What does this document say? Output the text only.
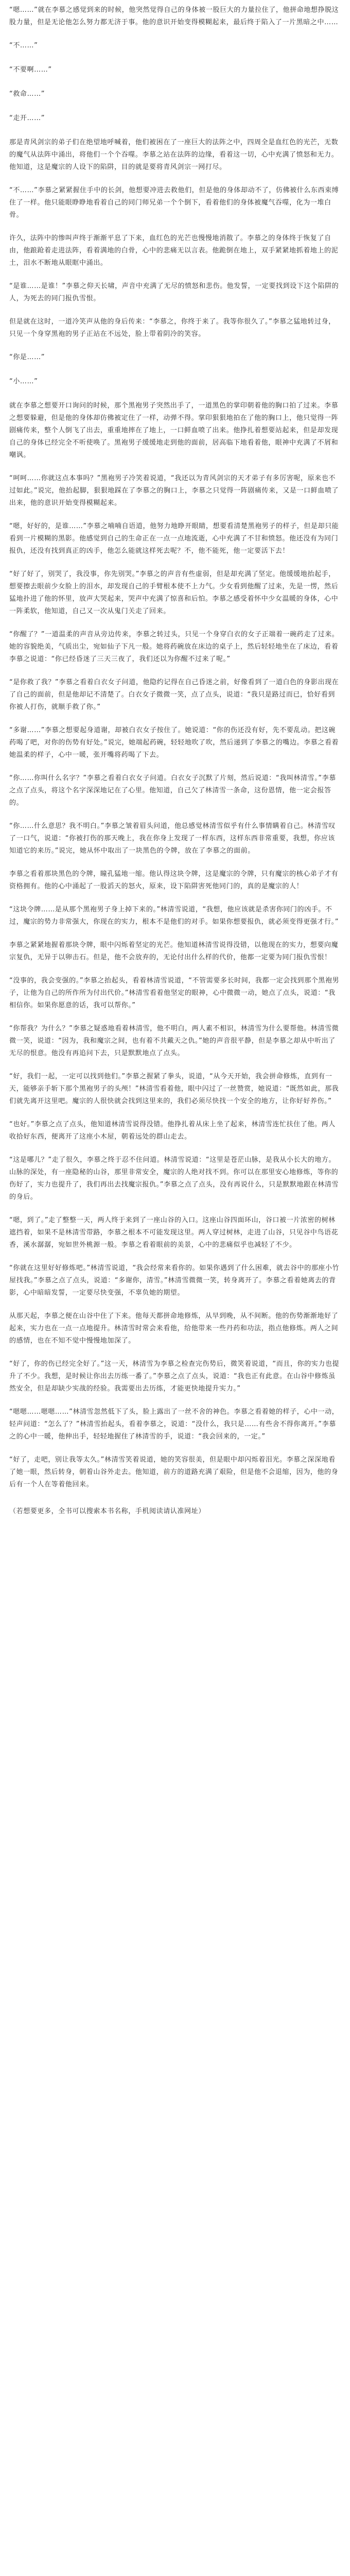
“嗯……”就在李慕之感觉到来的时候，他突然觉得自己的身体被一股巨大的力量拉住了，他拼命地想挣脱这股力量，但是无论他怎么努力都无济于事。他的意识开始变得模糊起来，最后终于陷入了一片黑暗之中……

“不……”

“不要啊……”

“救命……”

“走开……”

那是青风剑宗的弟子们在绝望地呼喊着，他们被困在了一座巨大的法阵之中，四周全是血红色的光芒，无数的魔气从法阵中涌出，将他们一个个吞噬。李慕之站在法阵的边缘，看着这一切，心中充满了愤怒和无力。他知道，这是魔宗的人设下的陷阱，目的就是要将青风剑宗一网打尽。

“不……”李慕之紧紧握住手中的长剑，他想要冲进去救他们，但是他的身体却动不了，仿佛被什么东西束缚住了一样。他只能眼睁睁地看着自己的同门师兄弟一个个倒下，看着他们的身体被魔气吞噬，化为一堆白骨。

许久，法阵中的惨叫声终于渐渐平息了下来，血红色的光芒也慢慢地消散了。李慕之的身体终于恢复了自由，他踉跄着走进法阵，看着满地的白骨，心中的悲痛无以言表。他跪倒在地上，双手紧紧地抓着地上的泥土，泪水不断地从眼眶中涌出。

“是谁……是谁！”李慕之仰天长啸，声音中充满了无尽的愤怒和悲伤。他发誓，一定要找到设下这个陷阱的人，为死去的同门报仇雪恨。

但是就在这时，一道冷笑声从他的身后传来：“李慕之，你终于来了。我等你很久了。”李慕之猛地转过身，只见一个身穿黑袍的男子正站在不远处，脸上带着阴冷的笑容。

“你是……”

“小……”

就在李慕之想要开口询问的时候，那个黑袍男子突然出手了，一道黑色的掌印朝着他的胸口拍了过来。李慕之想要躲避，但是他的身体却仿佛被定住了一样，动弹不得。掌印狠狠地拍在了他的胸口上，他只觉得一阵剧痛传来，整个人倒飞了出去，重重地摔在了地上，一口鲜血喷了出来。他挣扎着想要站起来，但是却发现自己的身体已经完全不听使唤了。黑袍男子缓缓地走到他的面前，居高临下地看着他，眼神中充满了不屑和嘲讽。

“呵呵……你就这点本事吗？”黑袍男子冷笑着说道，“我还以为青风剑宗的天才弟子有多厉害呢，原来也不过如此。”说完，他抬起脚，狠狠地踩在了李慕之的胸口上，李慕之只觉得一阵剧痛传来，又是一口鲜血喷了出来，他的意识开始变得模糊起来。

“嗯，好好的，是谁……”李慕之喃喃自语道，他努力地睁开眼睛，想要看清楚黑袍男子的样子，但是却只能看到一片模糊的黑影。他感觉到自己的生命正在一点一点地流逝，心中充满了不甘和愤怒。他还没有为同门报仇，还没有找到真正的凶手，他怎么能就这样死去呢？不，他不能死，他一定要活下去！

“好了好了，别哭了，我没事，你先别哭。”李慕之的声音有些虚弱，但是却充满了坚定。他缓缓地抬起手，想要擦去眼前少女脸上的泪水，却发现自己的手臂根本使不上力气。少女看到他醒了过来，先是一愣，然后猛地扑进了他的怀里，放声大哭起来，哭声中充满了惊喜和后怕。李慕之感受着怀中少女温暖的身体，心中一阵柔软，他知道，自己又一次从鬼门关走了回来。

“你醒了？”一道温柔的声音从旁边传来，李慕之转过头，只见一个身穿白衣的女子正端着一碗药走了过来。她的容貌绝美，气质出尘，宛如仙子下凡一般。她将药碗放在床边的桌子上，然后轻轻地坐在了床边，看着李慕之说道：“你已经昏迷了三天三夜了，我们还以为你醒不过来了呢。”

“是你救了我？”李慕之看着白衣女子问道，他隐约记得在自己昏迷之前，好像看到了一道白色的身影出现在了自己的面前，但是他却记不清楚了。白衣女子微微一笑，点了点头，说道：“我只是路过而已，恰好看到你被人打伤，就顺手救了你。”

“多谢……”李慕之想要起身道谢，却被白衣女子按住了。她说道：“你的伤还没有好，先不要乱动。把这碗药喝了吧，对你的伤势有好处。”说完，她端起药碗，轻轻地吹了吹，然后递到了李慕之的嘴边。李慕之看着她温柔的样子，心中一暖，张开嘴将药喝了下去。

“你……你叫什么名字？”李慕之看着白衣女子问道。白衣女子沉默了片刻，然后说道：“我叫林清雪。”李慕之点了点头，将这个名字深深地记在了心里。他知道，自己欠了林清雪一条命，这份恩情，他一定会报答的。

“你……什么意思？我不明白。”李慕之皱着眉头问道，他总感觉林清雪似乎有什么事情瞒着自己。林清雪叹了一口气，说道：“你被打伤的那天晚上，我在你身上发现了一样东西，这样东西非常重要，我想，你应该知道它的来历。”说完，她从怀中取出了一块黑色的令牌，放在了李慕之的面前。

李慕之看着那块黑色的令牌，瞳孔猛地一缩。他认得这块令牌，这是魔宗的令牌，只有魔宗的核心弟子才有资格拥有。他的心中涌起了一股滔天的怒火，原来，设下陷阱害死他同门的，真的是魔宗的人！

“这块令牌……是从那个黑袍男子身上掉下来的。”林清雪说道，“我想，他应该就是杀害你同门的凶手。不过，魔宗的势力非常强大，你现在的实力，根本不是他们的对手。如果你想要报仇，就必须变得更强才行。”

李慕之紧紧地握着那块令牌，眼中闪烁着坚定的光芒。他知道林清雪说得没错，以他现在的实力，想要向魔宗复仇，无异于以卵击石。但是，他不会放弃的，无论付出什么样的代价，他都一定要为同门报仇雪恨！

“没事的，我会变强的。”李慕之抬起头，看着林清雪说道，“不管需要多长时间，我都一定会找到那个黑袍男子，让他为自己的所作所为付出代价。”林清雪看着他坚定的眼神，心中微微一动，她点了点头，说道：“我相信你。如果你愿意的话，我可以帮你。”

“你帮我？为什么？”李慕之疑惑地看着林清雪，他不明白，两人素不相识，林清雪为什么要帮他。林清雪微微一笑，说道：“因为，我和魔宗之间，也有着不共戴天之仇。”她的声音很平静，但是李慕之却从中听出了无尽的恨意。他没有再追问下去，只是默默地点了点头。

“好，我们一起，一定可以找到他们。”李慕之握紧了拳头，说道，“从今天开始，我会拼命修炼，直到有一天，能够亲手斩下那个黑袍男子的头颅！”林清雪看着他，眼中闪过了一丝赞赏，她说道：“既然如此，那我们就先离开这里吧。魔宗的人很快就会找到这里来的，我们必须尽快找一个安全的地方，让你好好养伤。”

“也好。”李慕之点了点头，他知道林清雪说得没错。他挣扎着从床上坐了起来，林清雪连忙扶住了他。两人收拾好东西，便离开了这座小木屋，朝着远处的群山走去。

“这是哪儿？”走了很久，李慕之终于忍不住问道。林清雪说道：“这里是苍茫山脉，是我从小长大的地方。山脉的深处，有一座隐秘的山谷，那里非常安全，魔宗的人绝对找不到。你可以在那里安心地修炼，等你的伤好了，实力也提升了，我们再出去找魔宗报仇。”李慕之点了点头，没有再说什么，只是默默地跟在林清雪的身后。

“嗯，到了。”走了整整一天，两人终于来到了一座山谷的入口。这座山谷四面环山，谷口被一片浓密的树林遮挡着，如果不是林清雪带路，李慕之根本不可能发现这里。两人穿过树林，走进了山谷，只见谷中鸟语花香，溪水潺潺，宛如世外桃源一般。李慕之看着眼前的美景，心中的悲痛似乎也减轻了不少。

“你就在这里好好修炼吧。”林清雪说道，“我会经常来看你的。如果你遇到了什么困难，就去谷中的那座小竹屋找我。”李慕之点了点头，说道：“多谢你，清雪。”林清雪微微一笑，转身离开了。李慕之看着她离去的背影，心中暗暗发誓，一定要尽快变强，不辜负她的期望。

从那天起，李慕之便在山谷中住了下来。他每天都拼命地修炼，从早到晚，从不间断。他的伤势渐渐地好了起来，实力也在一点一点地提升。林清雪时常会来看他，给他带来一些丹药和功法，指点他修炼。两人之间的感情，也在不知不觉中慢慢地加深了。

“好了，你的伤已经完全好了。”这一天，林清雪为李慕之检查完伤势后，微笑着说道，“而且，你的实力也提升了不少。我想，是时候让你出去历练一番了。”李慕之点了点头，说道：“我也正有此意。在山谷中修炼虽然安全，但是却缺少实战的经验。我需要出去历练，才能更快地提升实力。”

“嗯嗯……嗯嗯……”林清雪忽然低下了头，脸上露出了一丝不舍的神色。李慕之看着她的样子，心中一动，轻声问道：“怎么了？”林清雪抬起头，看着李慕之，说道：“没什么，我只是……有些舍不得你离开。”李慕之的心中一暖，他伸出手，轻轻地握住了林清雪的手，说道：“我会回来的，一定。”

“好了，走吧，别让我等太久。”林清雪笑着说道，她的笑容很美，但是眼中却闪烁着泪光。李慕之深深地看了她一眼，然后转身，朝着山谷外走去。他知道，前方的道路充满了艰险，但是他不会退缩，因为，他的身后有一个人在等着他回来。

（若想要更多，全书可以搜索本书名称，手机阅读请认准网址）
